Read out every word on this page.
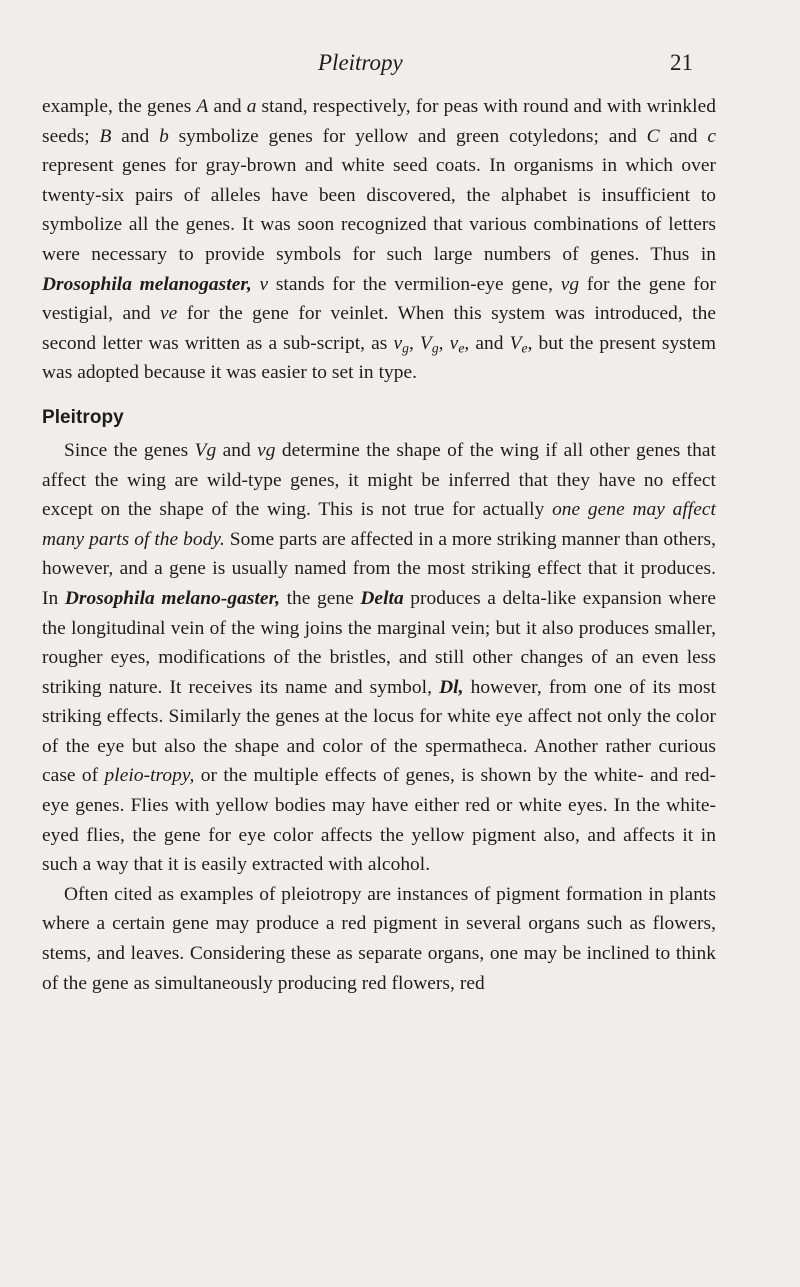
Pleitropy	21

example, the genes A and a stand, respectively, for peas with round and with wrinkled seeds; B and b symbolize genes for yellow and green cotyledons; and C and c represent genes for gray-brown and white seed coats. In organisms in which over twenty-six pairs of alleles have been discovered, the alphabet is insufficient to symbolize all the genes. It was soon recognized that various combinations of letters were necessary to provide symbols for such large numbers of genes. Thus in Drosophila melanogaster, v stands for the vermilion-eye gene, vg for the gene for vestigial, and ve for the gene for veinlet. When this system was introduced, the second letter was written as a sub-script, as $v_g$, $V_g$, $v_e$, and $V_e$, but the present system was adopted because it was easier to set in type.

Pleitropy

Since the genes Vg and vg determine the shape of the wing if all other genes that affect the wing are wild-type genes, it might be inferred that they have no effect except on the shape of the wing. This is not true for actually one gene may affect many parts of the body. Some parts are affected in a more striking manner than others, however, and a gene is usually named from the most striking effect that it produces. In Drosophila melano-gaster, the gene Delta produces a delta-like expansion where the longitudinal vein of the wing joins the marginal vein; but it also produces smaller, rougher eyes, modifications of the bristles, and still other changes of an even less striking nature. It receives its name and symbol, Dl, however, from one of its most striking effects. Similarly the genes at the locus for white eye affect not only the color of the eye but also the shape and color of the spermatheca. Another rather curious case of pleio-tropy, or the multiple effects of genes, is shown by the white- and red-eye genes. Flies with yellow bodies may have either red or white eyes. In the white-eyed flies, the gene for eye color affects the yellow pigment also, and affects it in such a way that it is easily extracted with alcohol.

Often cited as examples of pleiotropy are instances of pigment formation in plants where a certain gene may produce a red pigment in several organs such as flowers, stems, and leaves. Considering these as separate organs, one may be inclined to think of the gene as simultaneously producing red flowers, red
